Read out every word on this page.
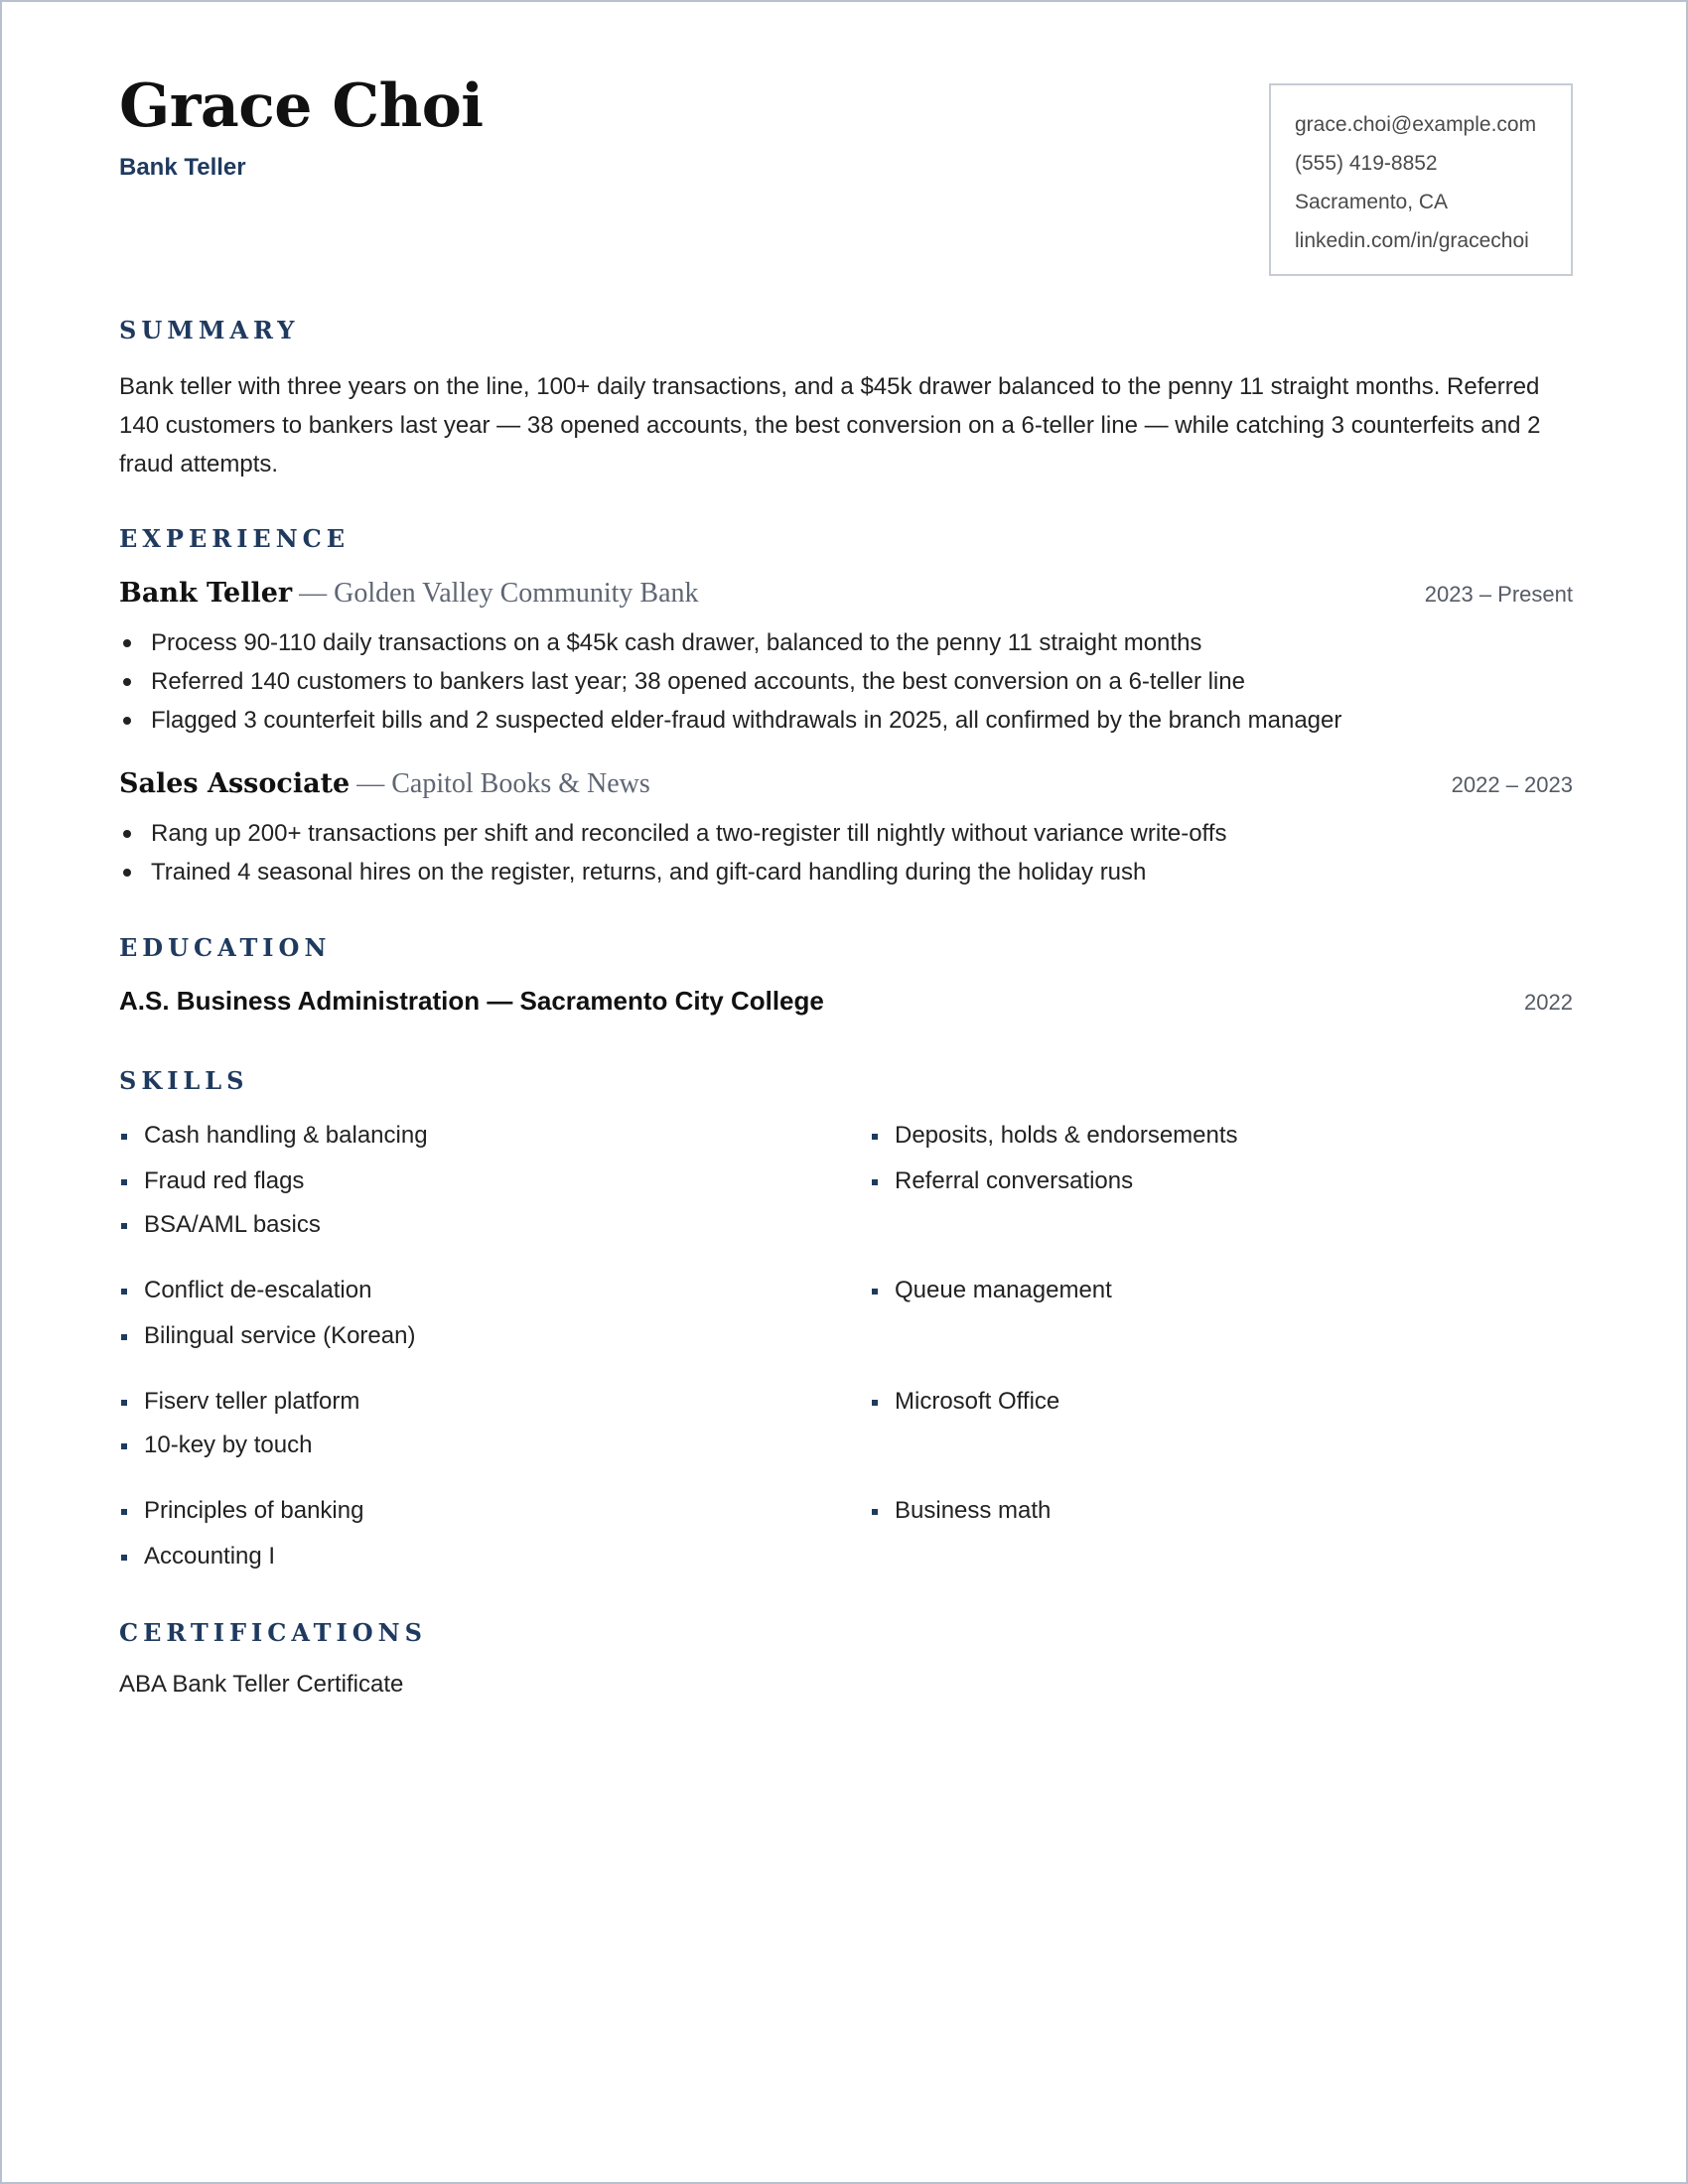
Grace Choi
Bank Teller
grace.choi@example.com
(555) 419-8852
Sacramento, CA
linkedin.com/in/gracechoi
SUMMARY
Bank teller with three years on the line, 100+ daily transactions, and a $45k drawer balanced to the penny 11 straight months. Referred 140 customers to bankers last year — 38 opened accounts, the best conversion on a 6-teller line — while catching 3 counterfeits and 2 fraud attempts.
EXPERIENCE
Bank Teller — Golden Valley Community Bank	2023 – Present
Process 90-110 daily transactions on a $45k cash drawer, balanced to the penny 11 straight months
Referred 140 customers to bankers last year; 38 opened accounts, the best conversion on a 6-teller line
Flagged 3 counterfeit bills and 2 suspected elder-fraud withdrawals in 2025, all confirmed by the branch manager
Sales Associate — Capitol Books & News	2022 – 2023
Rang up 200+ transactions per shift and reconciled a two-register till nightly without variance write-offs
Trained 4 seasonal hires on the register, returns, and gift-card handling during the holiday rush
EDUCATION
A.S. Business Administration — Sacramento City College	2022
SKILLS
Cash handling & balancing
Fraud red flags
BSA/AML basics
Deposits, holds & endorsements
Referral conversations
Conflict de-escalation
Bilingual service (Korean)
Queue management
Fiserv teller platform
10-key by touch
Microsoft Office
Principles of banking
Accounting I
Business math
CERTIFICATIONS
ABA Bank Teller Certificate
